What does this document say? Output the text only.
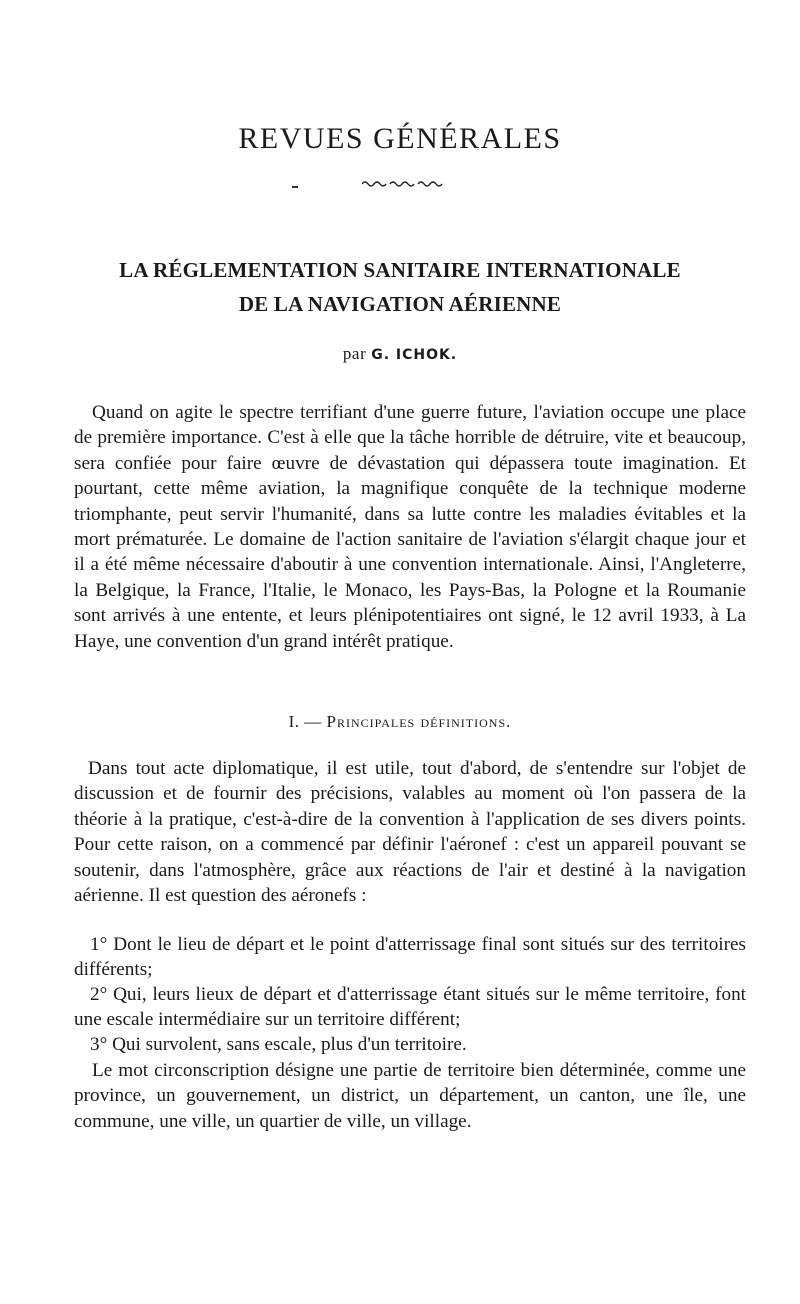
REVUES GÉNÉRALES
LA RÉGLEMENTATION SANITAIRE INTERNATIONALE
DE LA NAVIGATION AÉRIENNE
par G. ICHOK.

Quand on agite le spectre terrifiant d'une guerre future, l'aviation occupe une place de première importance. C'est à elle que la tâche horrible de détruire, vite et beaucoup, sera confiée pour faire œuvre de dévastation qui dépassera toute imagination. Et pourtant, cette même aviation, la magnifique conquête de la technique moderne triomphante, peut servir l'humanité, dans sa lutte contre les maladies évitables et la mort prématurée. Le domaine de l'action sanitaire de l'aviation s'élargit chaque jour et il a été même nécessaire d'aboutir à une convention internationale. Ainsi, l'Angleterre, la Belgique, la France, l'Italie, le Monaco, les Pays-Bas, la Pologne et la Roumanie sont arrivés à une entente, et leurs plénipotentiaires ont signé, le 12 avril 1933, à La Haye, une convention d'un grand intérêt pratique.

I. — Principales définitions.

Dans tout acte diplomatique, il est utile, tout d'abord, de s'entendre sur l'objet de discussion et de fournir des précisions, valables au moment où l'on passera de la théorie à la pratique, c'est-à-dire de la convention à l'application de ses divers points. Pour cette raison, on a commencé par définir l'aéronef : c'est un appareil pouvant se soutenir, dans l'atmosphère, grâce aux réactions de l'air et destiné à la navigation aérienne. Il est question des aéronefs :

1° Dont le lieu de départ et le point d'atterrissage final sont situés sur des territoires différents;

2° Qui, leurs lieux de départ et d'atterrissage étant situés sur le même territoire, font une escale intermédiaire sur un territoire différent;

3° Qui survolent, sans escale, plus d'un territoire.

Le mot circonscription désigne une partie de territoire bien déterminée, comme une province, un gouvernement, un district, un département, un canton, une île, une commune, une ville, un quartier de ville, un village.
